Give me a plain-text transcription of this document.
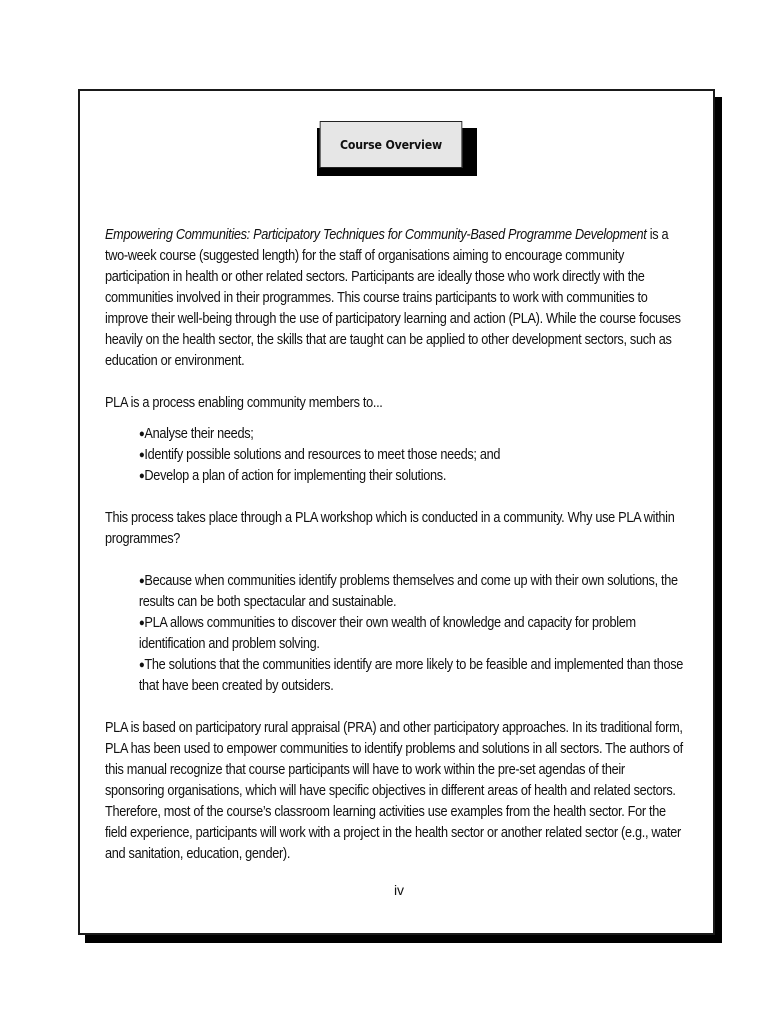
Course Overview

Empowering Communities: Participatory Techniques for Community-Based Programme Development is a two-week course (suggested length) for the staff of organisations aiming to encourage community participation in health or other related sectors. Participants are ideally those who work directly with the communities involved in their programmes. This course trains participants to work with communities to improve their well-being through the use of participatory learning and action (PLA). While the course focuses heavily on the health sector, the skills that are taught can be applied to other development sectors, such as education or environment.

PLA is a process enabling community members to...

●Analyse their needs;
●Identify possible solutions and resources to meet those needs; and
●Develop a plan of action for implementing their solutions.

This process takes place through a PLA workshop which is conducted in a community. Why use PLA within programmes?

●Because when communities identify problems themselves and come up with their own solutions, the results can be both spectacular and sustainable.
●PLA allows communities to discover their own wealth of knowledge and capacity for problem identification and problem solving.
●The solutions that the communities identify are more likely to be feasible and implemented than those that have been created by outsiders.

PLA is based on participatory rural appraisal (PRA) and other participatory approaches. In its traditional form, PLA has been used to empower communities to identify problems and solutions in all sectors. The authors of this manual recognize that course participants will have to work within the pre-set agendas of their sponsoring organisations, which will have specific objectives in different areas of health and related sectors. Therefore, most of the course’s classroom learning activities use examples from the health sector. For the field experience, participants will work with a project in the health sector or another related sector (e.g., water and sanitation, education, gender).

iv
